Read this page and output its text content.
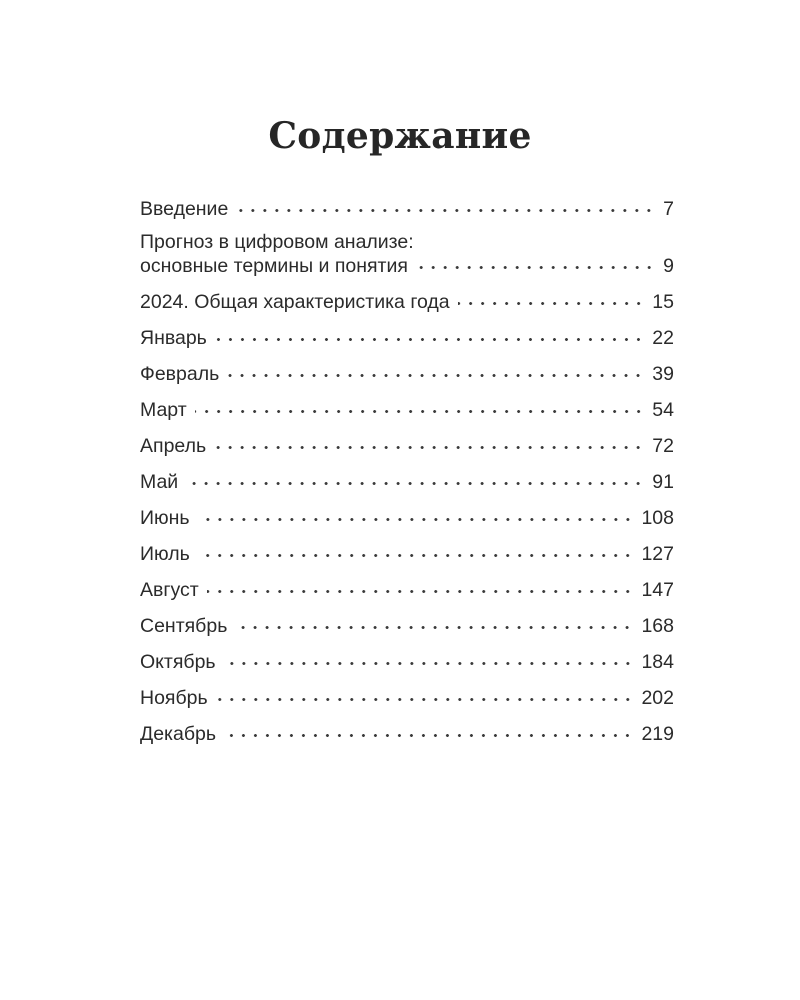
Содержание
Введение	7
Прогноз в цифровом анализе:
основные термины и понятия	9
2024. Общая характеристика года	15
Январь	22
Февраль	39
Март	54
Апрель	72
Май	91
Июнь	108
Июль	127
Август	147
Сентябрь	168
Октябрь	184
Ноябрь	202
Декабрь	219
